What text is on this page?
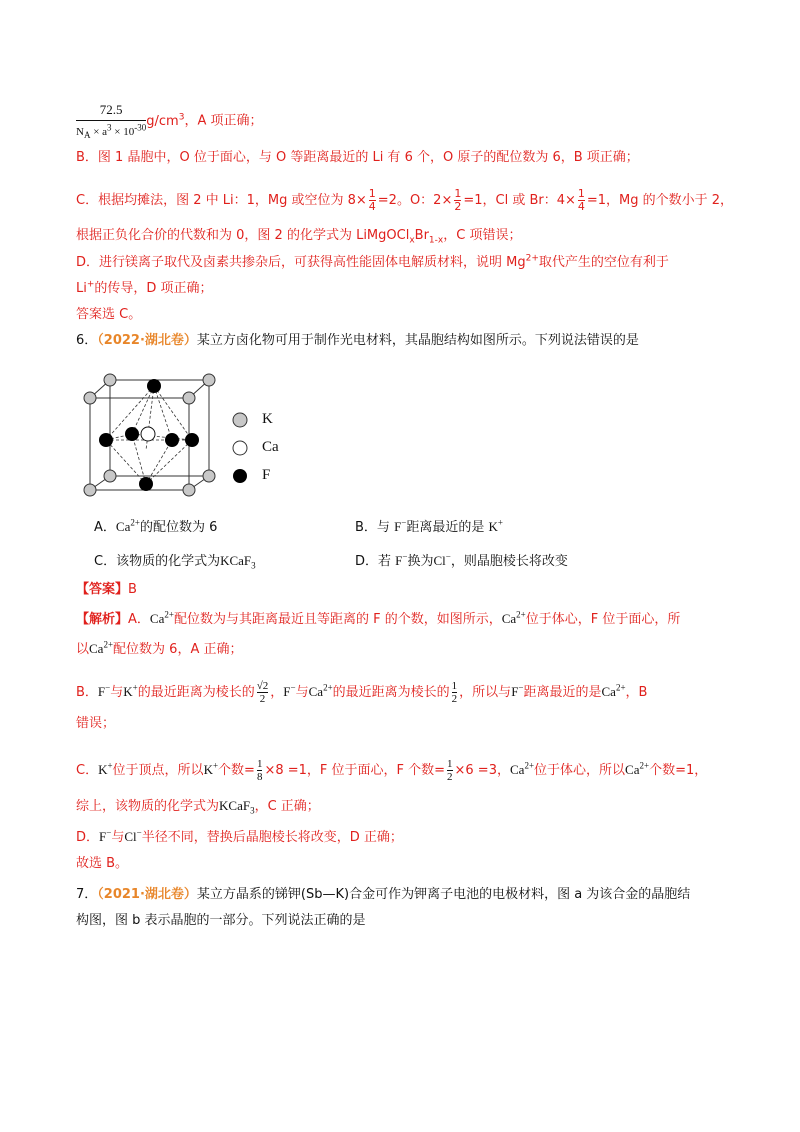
$\frac{72.5}{N_A \times a^3 \times 10^{-30}} g/cm^3$，A 项正确；
B．图 1 晶胞中，O 位于面心，与 O 等距离最近的 Li 有 6 个，O 原子的配位数为 6，B 项正确；
C．根据均摊法，图 2 中 Li：1，Mg 或空位为 $8\times \frac{1}{4} =2$。O：$2\times \frac{1}{2} =1$，Cl 或 Br：$4\times \frac{1}{4} =1$，Mg 的个数小于 2，
根据正负化合价的代数和为 0，图 2 的化学式为 $LiMgOCl_xBr_{1-x}$，C 项错误；
D．进行镁离子取代及卤素共掺杂后，可获得高性能固体电解质材料，说明 $Mg^{2+}$取代产生的空位有利于
Li+的传导，D 项正确；
答案选 C。
6．（2022·湖北卷）某立方卤化物可用于制作光电材料，其晶胞结构如图所示。下列说法错误的是
K
Ca
F
A．$Ca^{2+}$的配位数为 6	B．与 F−距离最近的是 K+
C．该物质的化学式为KCaF$_3$	D．若 F−换为Cl−，则晶胞棱长将改变
【答案】B
【解析】A．$Ca^{2+}$配位数为与其距离最近且等距离的 F 的个数，如图所示，$Ca^{2+}$位于体心，F 位于面心，所
以$Ca^{2+}$配位数为 6，A 正确；
B．F−与K+的最近距离为棱长的 $\frac{√2}{2}$ ，F−与$Ca^{2+}$的最近距离为棱长的 $\frac{1}{2}$ ，所以与F−距离最近的是$Ca^{2+}$，B
错误；
C．K+位于顶点，所以K+个数= $\frac{1}{8} \times 8 =1$，F 位于面心，F 个数= $\frac{1}{2} \times 6 =3$，$Ca^{2+}$位于体心，所以$Ca^{2+}$个数=1，
综上，该物质的化学式为KCaF$_3$，C 正确；
D．F−与Cl−半径不同，替换后晶胞棱长将改变，D 正确；
故选 B。
7．（2021·湖北卷）某立方晶系的锑钾(Sb—K)合金可作为钾离子电池的电极材料，图 a 为该合金的晶胞结
构图，图 b 表示晶胞的一部分。下列说法正确的是
